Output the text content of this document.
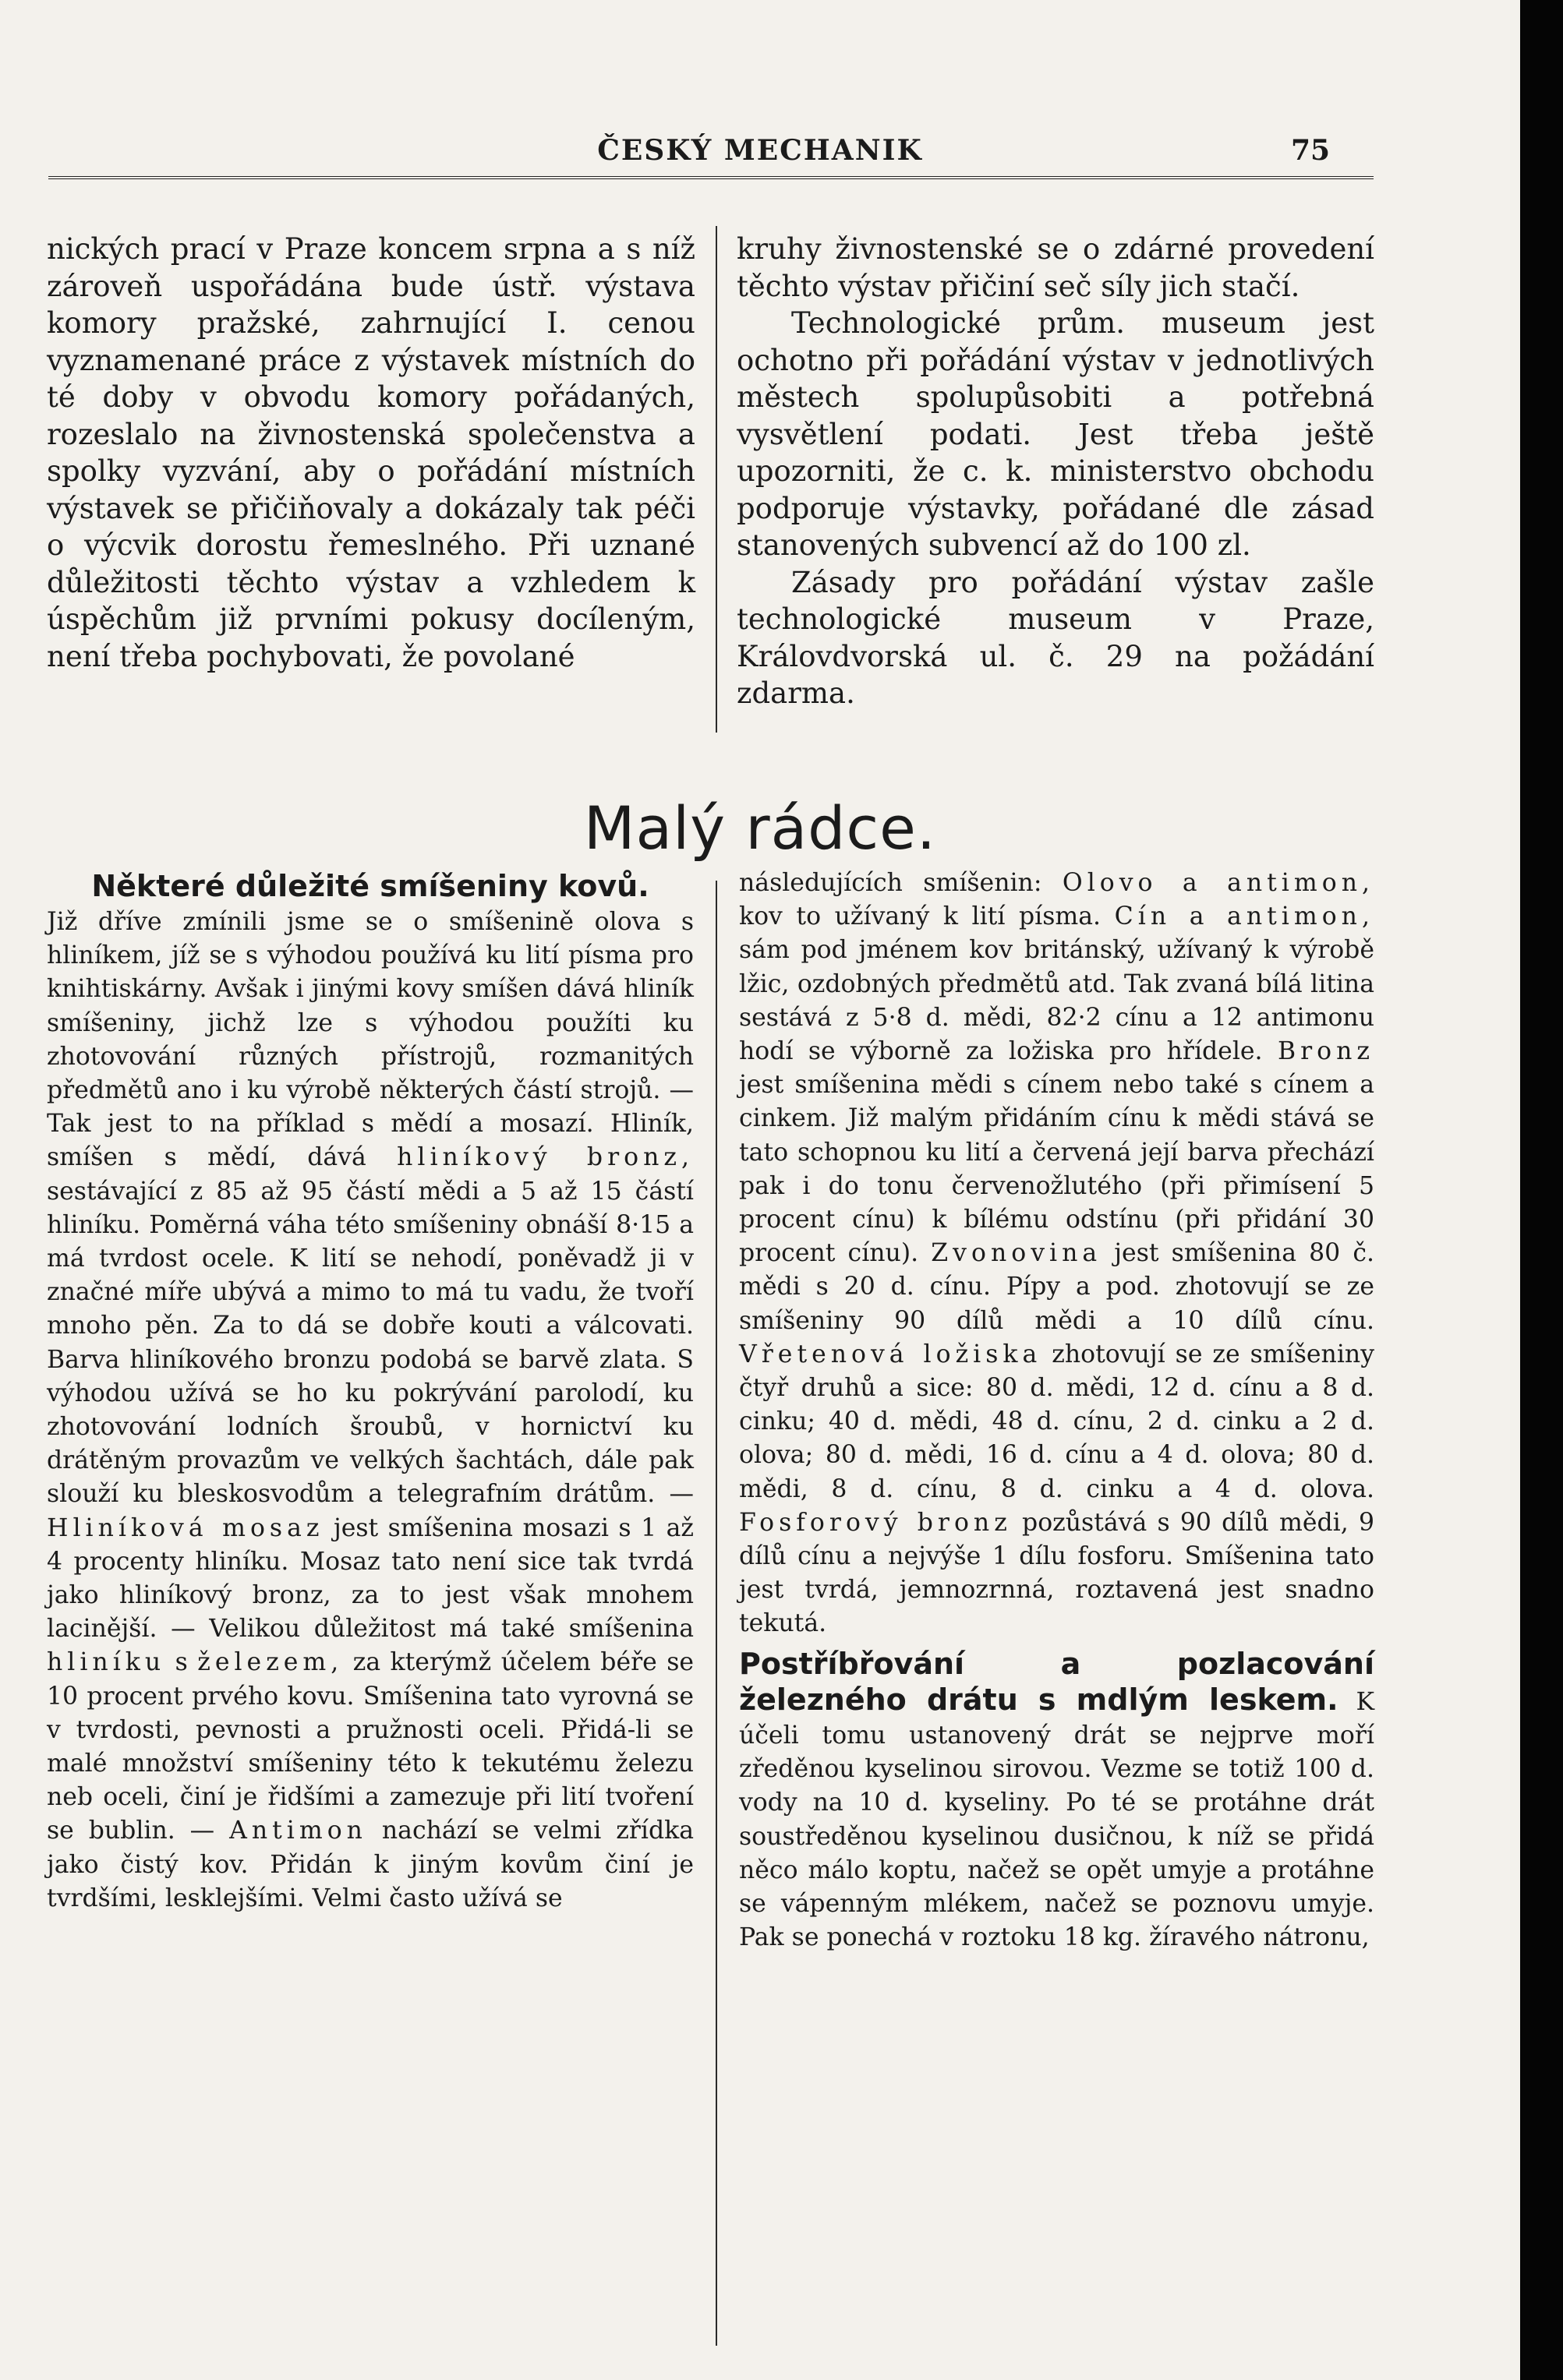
ČESKÝ MECHANIK	75

nických prací v Praze koncem srpna a s níž zároveň uspořádána bude ústř. výstava komory pražské, zahrnující I. cenou vyznamenané práce z výstavek místních do té doby v obvodu komory pořádaných, rozeslalo na živnostenská společenstva a spolky vyzvání, aby o pořádání místních výstavek se přičiňovaly a dokázaly tak péči o výcvik dorostu řemeslného. Při uznané důležitosti těchto výstav a vzhledem k úspěchům již prvními pokusy docíleným, není třeba pochybovati, že povolané

kruhy živnostenské se o zdárné provedení těchto výstav přičiní seč síly jich stačí.

Technologické prům. museum jest ochotno při pořádání výstav v jednotlivých městech spolupůsobiti a potřebná vysvětlení podati. Jest třeba ještě upozorniti, že c. k. ministerstvo obchodu podporuje výstavky, pořádané dle zásad stanovených subvencí až do 100 zl.

Zásady pro pořádání výstav zašle technologické museum v Praze, Královdvorská ul. č. 29 na požádání zdarma.

Malý rádce.
Některé důležité smíšeniny kovů.

Již dříve zmínili jsme se o smíšenině olova s hliníkem, jíž se s výhodou používá ku lití písma pro knihtiskárny. Avšak i jinými kovy smíšen dává hliník smíšeniny, jichž lze s výhodou použíti ku zhotovování různých přístrojů, rozmanitých předmětů ano i ku výrobě některých částí strojů. — Tak jest to na příklad s mědí a mosazí. Hliník, smíšen s mědí, dává hliníkový bronz, sestávající z 85 až 95 částí mědi a 5 až 15 částí hliníku. Poměrná váha této smíšeniny obnáší 8·15 a má tvrdost ocele. K lití se nehodí, poněvadž ji v značné míře ubývá a mimo to má tu vadu, že tvoří mnoho pěn. Za to dá se dobře kouti a válcovati. Barva hliníkového bronzu podobá se barvě zlata. S výhodou užívá se ho ku pokrývání parolodí, ku zhotovování lodních šroubů, v hornictví ku drátěným provazům ve velkých šachtách, dále pak slouží ku bleskosvodům a telegrafním drátům. — Hliníková mosaz jest smíšenina mosazi s 1 až 4 procenty hliníku. Mosaz tato není sice tak tvrdá jako hliníkový bronz, za to jest však mnohem lacinější. — Velikou důležitost má také smíšenina hliníku s železem, za kterýmž účelem béře se 10 procent prvého kovu. Smíšenina tato vyrovná se v tvrdosti, pevnosti a pružnosti oceli. Přidá-li se malé množství smíšeniny této k tekutému železu neb oceli, činí je řidšími a zamezuje při lití tvoření se bublin. — Antimon nachází se velmi zřídka jako čistý kov. Přidán k jiným kovům činí je tvrdšími, lesklejšími. Velmi často užívá se

následujících smíšenin: Olovo a antimon, kov to užívaný k lití písma. Cín a antimon, sám pod jménem kov británský, užívaný k výrobě lžic, ozdobných předmětů atd. Tak zvaná bílá litina sestává z 5·8 d. mědi, 82·2 cínu a 12 antimonu hodí se výborně za ložiska pro hřídele. Bronz jest smíšenina mědi s cínem nebo také s cínem a cinkem. Již malým přidáním cínu k mědi stává se tato schopnou ku lití a červená její barva přechází pak i do tonu červenožlutého (při přimísení 5 procent cínu) k bílému odstínu (při přidání 30 procent cínu). Zvonovina jest smíšenina 80 č. mědi s 20 d. cínu. Pípy a pod. zhotovují se ze smíšeniny 90 dílů mědi a 10 dílů cínu. Vřetenová ložiska zhotovují se ze smíšeniny čtyř druhů a sice: 80 d. mědi, 12 d. cínu a 8 d. cinku; 40 d. mědi, 48 d. cínu, 2 d. cinku a 2 d. olova; 80 d. mědi, 16 d. cínu a 4 d. olova; 80 d. mědi, 8 d. cínu, 8 d. cinku a 4 d. olova. Fosforový bronz pozůstává s 90 dílů mědi, 9 dílů cínu a nejvýše 1 dílu fosforu. Smíšenina tato jest tvrdá, jemnozrnná, roztavená jest snadno tekutá.

Postříbřování a pozlacování železného drátu s mdlým leskem. K účeli tomu ustanovený drát se nejprve moří zředěnou kyselinou sirovou. Vezme se totiž 100 d. vody na 10 d. kyseliny. Po té se protáhne drát soustředěnou kyselinou dusičnou, k níž se přidá něco málo koptu, načež se opět umyje a protáhne se vápenným mlékem, načež se poznovu umyje. Pak se ponechá v roztoku 18 kg. žíravého nátronu,
